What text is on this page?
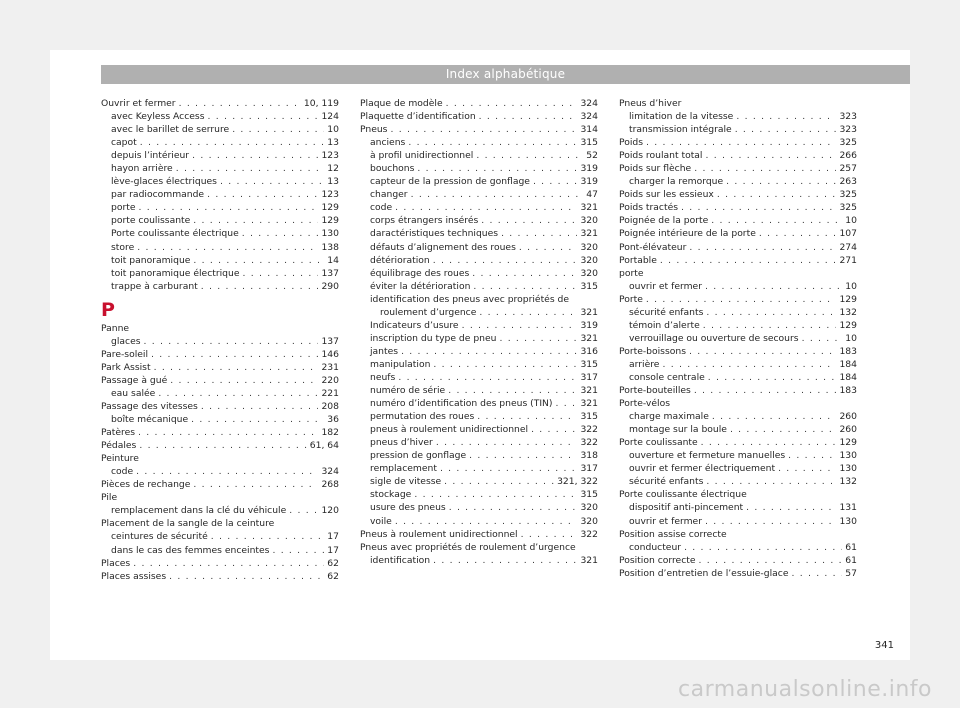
Index alphabétique
Ouvrir et fermer . . .	10, 119
avec Keyless Access . . .	124
avec le barillet de serrure . . .	10
capot . . .	13
depuis l’intérieur . . .	123
hayon arrière . . .	12
lève-glaces électriques . . .	13
par radiocommande . . .	123
porte . . .	129
porte coulissante . . .	129
Porte coulissante électrique . . .	130
store . . .	138
toit panoramique . . .	14
toit panoramique électrique . . .	137
trappe à carburant . . .	290
P
Panne
glaces . . .	137
Pare-soleil . . .	146
Park Assist . . .	231
Passage à gué . . .	220
eau salée . . .	221
Passage des vitesses . . .	208
boîte mécanique . . .	36
Patères . . .	182
Pédales . . .	61, 64
Peinture
code . . .	324
Pièces de rechange . . .	268
Pile
remplacement dans la clé du véhicule . . .	120
Placement de la sangle de la ceinture
ceintures de sécurité . . .	17
dans le cas des femmes enceintes . . .	17
Places . . .	62
Places assises . . .	62
Plaque de modèle . . .	324
Plaquette d’identification . . .	324
Pneus . . .	314
anciens . . .	315
à profil unidirectionnel . . .	52
bouchons . . .	319
capteur de la pression de gonflage . . .	319
changer . . .	47
code . . .	321
corps étrangers insérés . . .	320
daractéristiques techniques . . .	321
défauts d’alignement des roues . . .	320
détérioration . . .	320
équilibrage des roues . . .	320
éviter la détérioration . . .	315
identification des pneus avec propriétés de
roulement d’urgence . . .	321
Indicateurs d’usure . . .	319
inscription du type de pneu . . .	321
jantes . . .	316
manipulation . . .	315
neufs . . .	317
numéro de série . . .	321
numéro d’identification des pneus (TIN) . . .	321
permutation des roues . . .	315
pneus à roulement unidirectionnel . . .	322
pneus d’hiver . . .	322
pression de gonflage . . .	318
remplacement . . .	317
sigle de vitesse . . .	321, 322
stockage . . .	315
usure des pneus . . .	320
voile . . .	320
Pneus à roulement unidirectionnel . . .	322
Pneus avec propriétés de roulement d’urgence
identification . . .	321
Pneus d’hiver
limitation de la vitesse . . .	323
transmission intégrale . . .	323
Poids . . .	325
Poids roulant total . . .	266
Poids sur flèche . . .	257
charger la remorque . . .	263
Poids sur les essieux . . .	325
Poids tractés . . .	325
Poignée de la porte . . .	10
Poignée intérieure de la porte . . .	107
Pont-élévateur . . .	274
Portable . . .	271
porte
ouvrir et fermer . . .	10
Porte . . .	129
sécurité enfants . . .	132
témoin d’alerte . . .	129
verrouillage ou ouverture de secours . . .	10
Porte-boissons . . .	183
arrière . . .	184
console centrale . . .	184
Porte-bouteilles . . .	183
Porte-vélos
charge maximale . . .	260
montage sur la boule . . .	260
Porte coulissante . . .	129
ouverture et fermeture manuelles . . .	130
ouvrir et fermer électriquement . . .	130
sécurité enfants . . .	132
Porte coulissante électrique
dispositif anti-pincement . . .	131
ouvrir et fermer . . .	130
Position assise correcte
conducteur . . .	61
Position correcte . . .	61
Position d’entretien de l’essuie-glace . . .	57
341
carmanualsonline.info
